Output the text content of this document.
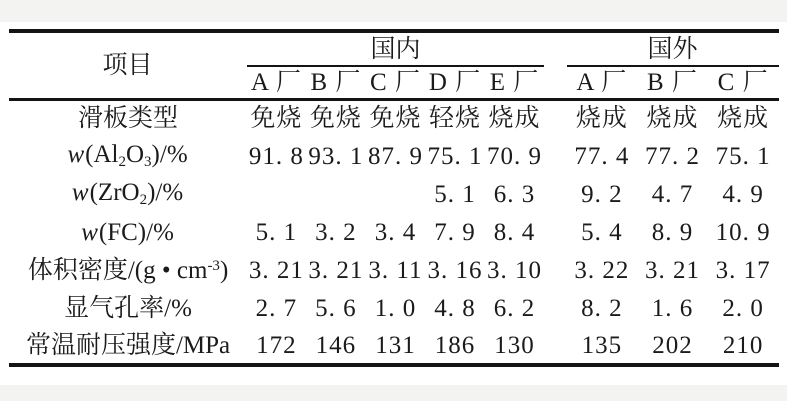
项目	国内						国外		
	A 厂	B 厂	C 厂	D 厂	E 厂		A 厂	B 厂	C 厂
滑板类型	免烧	免烧	免烧	轻烧	烧成		烧成	烧成	烧成
$w(Al_2O_3)/\%$	91. 8	93. 1	87. 9	75. 1	70. 9		77. 4	77. 2	75. 1
w(ZrO$_2$)/%				5. 1	6. 3		9. 2	4. 7	4. 9
w(FC)/%	5. 1	3. 2	3. 4	7. 9	8. 4		5. 4	8. 9	10. 9
体积密度/(g • $cm^{-3}$)	3. 21	3. 21	3. 11	3. 16	3. 10		3. 22	3. 21	3. 17
显气孔率/%	2. 7	5. 6	1. 0	4. 8	6. 2		8. 2	1. 6	2. 0
常温耐压强度/MPa	172	146	131	186	130		135	202	210
